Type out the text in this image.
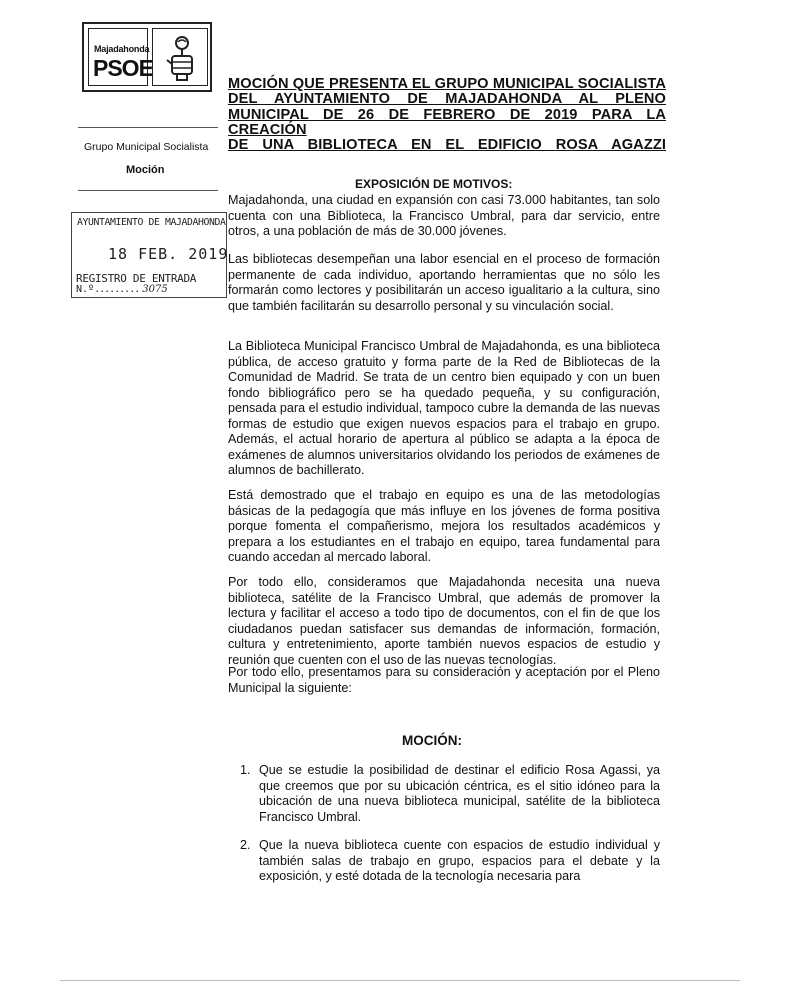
Majadahonda
PSOE
MOCIÓN QUE PRESENTA EL GRUPO MUNICIPAL SOCIALISTA
DEL AYUNTAMIENTO DE MAJADAHONDA AL PLENO
MUNICIPAL DE 26 DE FEBRERO DE 2019 PARA LA CREACIÓN
DE UNA BIBLIOTECA EN EL EDIFICIO ROSA AGAZZI
Grupo Municipal Socialista
Moción
AYUNTAMIENTO DE MAJADAHONDA
18 FEB. 2019
REGISTRO DE ENTRADA
N.º......... 3075
EXPOSICIÓN DE MOTIVOS:
Majadahonda, una ciudad en expansión con casi 73.000 habitantes, tan solo cuenta con una Biblioteca, la Francisco Umbral, para dar servicio, entre otros, a una población de más de 30.000 jóvenes.
Las bibliotecas desempeñan una labor esencial en el proceso de formación permanente de cada individuo, aportando herramientas que no sólo les formarán como lectores y posibilitarán un acceso igualitario a la cultura, sino que también facilitarán su desarrollo personal y su vinculación social.
La Biblioteca Municipal Francisco Umbral de Majadahonda, es una biblioteca pública, de acceso gratuito y forma parte de la Red de Bibliotecas de la Comunidad de Madrid. Se trata de un centro bien equipado y con un buen fondo bibliográfico pero se ha quedado pequeña, y su configuración, pensada para el estudio individual, tampoco cubre la demanda de las nuevas formas de estudio que exigen nuevos espacios para el trabajo en grupo. Además, el actual horario de apertura al público se adapta a la época de exámenes de alumnos universitarios olvidando los periodos de exámenes de alumnos de bachillerato.
Está demostrado que el trabajo en equipo es una de las metodologías básicas de la pedagogía que más influye en los jóvenes de forma positiva porque fomenta el compañerismo, mejora los resultados académicos y prepara a los estudiantes en el trabajo en equipo, tarea fundamental para cuando accedan al mercado laboral.
Por todo ello, consideramos que Majadahonda necesita una nueva biblioteca, satélite de la Francisco Umbral, que además de promover la lectura y facilitar el acceso a todo tipo de documentos, con el fin de que los ciudadanos puedan satisfacer sus demandas de información, formación, cultura y entretenimiento, aporte también nuevos espacios de estudio y reunión que cuenten con el uso de las nuevas tecnologías.
Por todo ello, presentamos para su consideración y aceptación por el Pleno Municipal la siguiente:
MOCIÓN:
1. Que se estudie la posibilidad de destinar el edificio Rosa Agassi, ya que creemos que por su ubicación céntrica, es el sitio idóneo para la ubicación de una nueva biblioteca municipal, satélite de la biblioteca Francisco Umbral.
2. Que la nueva biblioteca cuente con espacios de estudio individual y también salas de trabajo en grupo, espacios para el debate y la exposición, y esté dotada de la tecnología necesaria para
